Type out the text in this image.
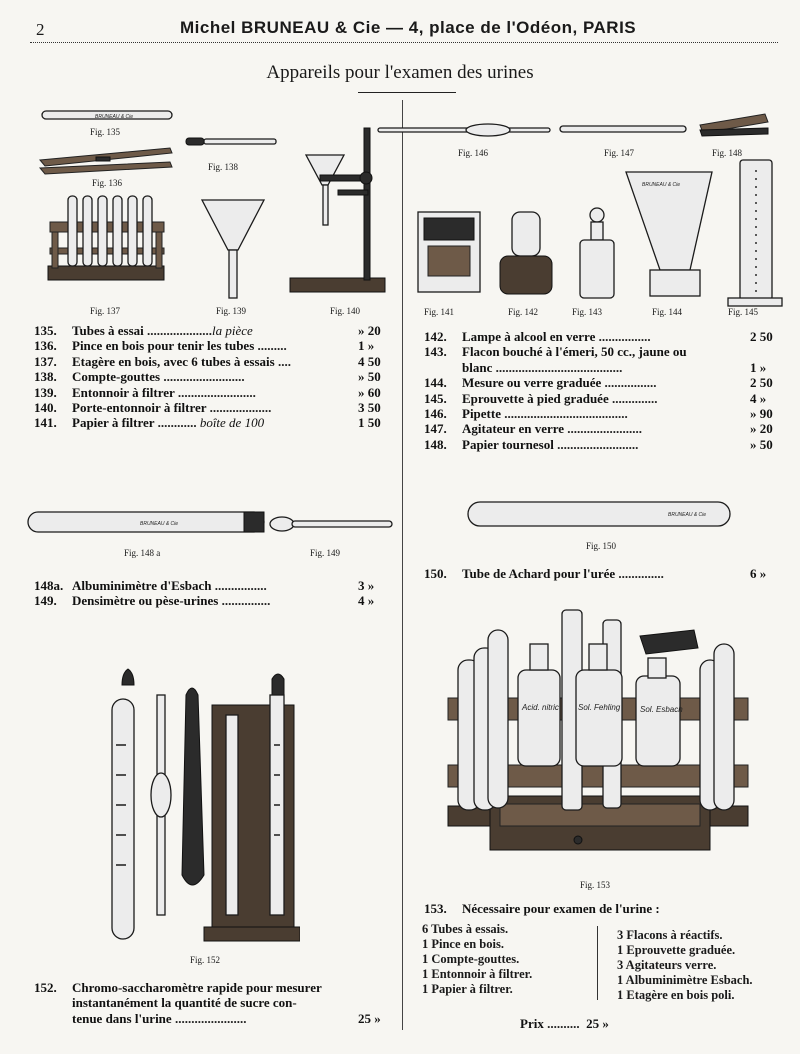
2	Michel BRUNEAU & Cie — 4, place de l'Odéon, PARIS
Appareils pour l'examen des urines
BRUNEAU & Cie
BRUNEAU & Cie
Fig. 135
Fig. 136
Fig. 138
Fig. 137	Fig. 139	Fig. 140
Fig. 146	Fig. 147	Fig. 148
Fig. 141	Fig. 142	Fig. 143	Fig. 144	Fig. 145
135.	Tubes à essai ....................la pièce	» 20
136.	Pince en bois pour tenir les tubes .........	1 »
137.	Etagère en bois, avec 6 tubes à essais ....	4 50
138.	Compte-gouttes .........................	» 50
139.	Entonnoir à filtrer ........................	» 60
140.	Porte-entonnoir à filtrer ...................	3 50
141.	Papier à filtrer ............ boîte de 100	1 50
142.	Lampe à alcool en verre ................	2 50
143.	Flacon bouché à l'émeri, 50 cc., jaune ou
blanc .......................................	1 »
144.	Mesure ou verre graduée ................	2 50
145.	Eprouvette à pied graduée ..............	4 »
146.	Pipette ......................................	» 90
147.	Agitateur en verre .......................	» 20
148.	Papier tournesol .........................	» 50
BRUNEAU & Cie
BRUNEAU & Cie
Fig. 148 a	Fig. 149
Fig. 150
148a. Albuminimètre d'Esbach ................	3 »
149.	Densimètre ou pèse-urines ...............	4 »
150.	Tube de Achard pour l'urée ..............	6 »
Fig. 152
152.	Chromo-saccharomètre rapide pour mesurer
instantanément la quantité de sucre con-
tenue dans l'urine ......................	25 »
Acid. nitric Sol. Fehling Sol. Esbach
Fig. 153
153.	Nécessaire pour examen de l'urine :
6 Tubes à essais.
1 Pince en bois.
1 Compte-gouttes.
1 Entonnoir à filtrer.
1 Papier à filtrer.
3 Flacons à réactifs.
1 Eprouvette graduée.
3 Agitateurs verre.
1 Albuminimètre Esbach.
1 Etagère en bois poli.
Prix
..........
25 »
